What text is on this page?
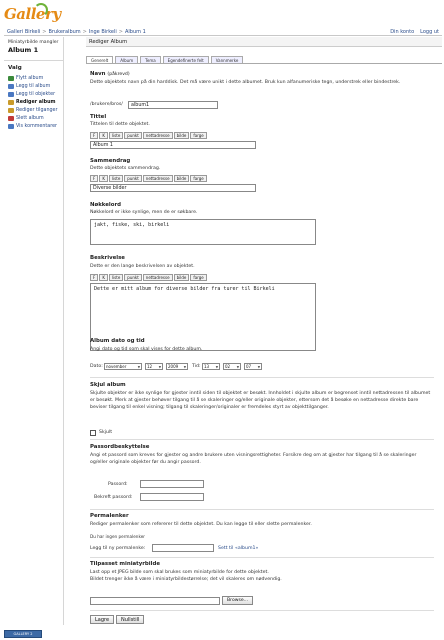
Gallery
Galleri Birkeli > Brukeralbum > Inge Birkeli > Album 1	Din konto Logg ut
Miniatyrbilde mangler
Album 1
Valg
Flytt album
Legg til album
Legg til objekter
Rediger album
Rediger tilganger
Slett album
Vis kommentarer
Rediger Album
Generelt	Album	Tema	Egendefinerte felt	Vannmerke
Navn (påkrevd)
Dette objektets navn på din harddisk. Det må være unikt i dette albumet. Bruk kun alfanumeriske tegn, understrek eller bindestrek.
/brukere/bros/	album1
Tittel
Tittelen til dette objektet.
F	K	liste	punkt	nettadresse	bilde	farge
Album 1
Sammendrag
Dette objektets sammendrag.
F	K	liste	punkt	nettadresse	bilde	farge
Diverse bilder
Nøkkelord
Nøkkelord er ikke synlige, men de er søkbare.
jakt, fiske, ski, birkeli
Beskrivelse
Dette er den lange beskrivelsen av objektet.
F	K	liste	punkt	nettadresse	bilde	farge
Dette er mitt album for diverse bilder fra turer til Birkeli
Album dato og tid
Angi dato og tid som skal vises for dette album.
Dato: november	▼ 12 ▼ 2009 ▼ Tid: 13 ▼ 02 ▼ 07 ▼
Skjul album
Skjulte objekter er ikke synlige for gjester inntil siden til objektet er besøkt. Innholdet i skjulte album er begrenset inntil nettadressen til albumet er besøkt. Merk at gjester behøver tilgang til å se skaleringer og/eller originale objekter, ettersom det å besøke en nettadresse direkte bare beviser tilgang til enkel visning; tilgang til skaleringer/originaler er fremdeles styrt av objekttilganger.
Skjult
Passordbeskyttelse
Angi et passord som kreves for gjester og andre brukere uten visningsrettigheter. Forsikre deg om at gjester har tilgang til å se skaleringer og/eller originale objekter før du angir passord.
Passord:
Bekreft passord:
Permalenker
Rediger permalenker som refererer til dette objektet. Du kan legge til eller slette permalenker.
Du har ingen permalenker
Legg til ny permalenke:	Sett til «album1»
Tilpasset miniatyrbilde
Last opp et JPEG bilde som skal brukes som miniatyrbilde for dette objektet.
Bildet trenger ikke å være i miniatyrbildestørrelse; det vil skaleres om nødvendig.
Browse...
Lagre	Nullstill
GALLERY 2
